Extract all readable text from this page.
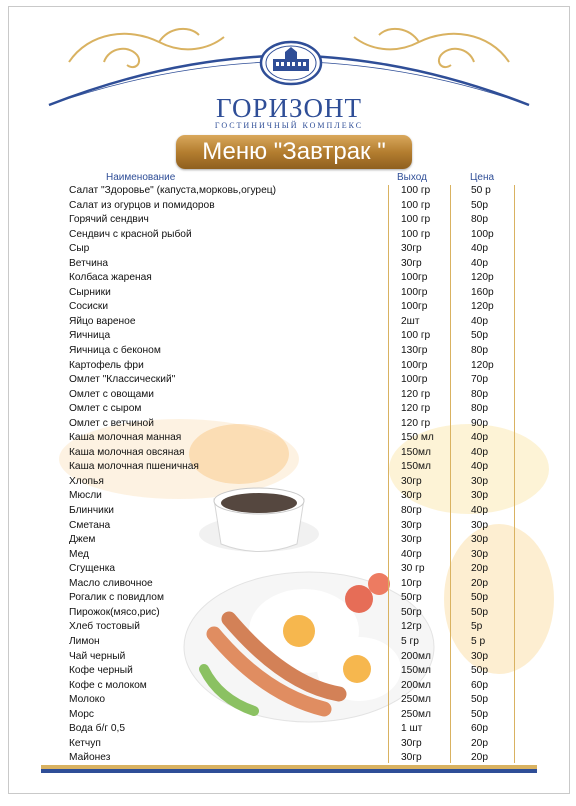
ГОРИЗОНТ
ГОСТИНИЧНЫЙ КОМПЛЕКС
Меню "Завтрак "
Наименование	Выход	Цена
Салат "Здоровье" (капуста,морковь,огурец)	100 гр	50 р
Салат из огурцов и помидоров	100 гр	50р
Горячий сендвич	100 гр	80р
Сендвич с красной рыбой	100 гр	100р
Сыр	30гр	40р
Ветчина	30гр	40р
Колбаса жареная	100гр	120р
Сырники	100гр	160р
Сосиски	100гр	120р
Яйцо вареное	2шт	40р
Яичница	100 гр	50р
Яичница с беконом	130гр	80р
Картофель фри	100гр	120р
Омлет "Классический"	100гр	70р
Омлет с овощами	120 гр	80р
Омлет с сыром	120 гр	80р
Омлет с ветчиной	120 гр	90р
Каша молочная манная	150 мл	40р
Каша молочная овсяная	150мл	40р
Каша молочная пшеничная	150мл	40р
Хлопья	30гр	30р
Мюсли	30гр	30р
Блинчики	80гр	40р
Сметана	30гр	30р
Джем	30гр	30р
Мед	40гр	30р
Сгущенка	30 гр	20р
Масло сливочное	10гр	20р
Рогалик с повидлом	50гр	50р
Пирожок(мясо,рис)	50гр	50р
Хлеб тостовый	12гр	5р
Лимон	5 гр	5 р
Чай черный	200мл	30р
Кофе черный	150мл	50р
Кофе с молоком	200мл	60р
Молоко	250мл	50р
Морс	250мл	50р
Вода б/г 0,5	1 шт	60р
Кетчуп	30гр	20р
Майонез	30гр	20р
